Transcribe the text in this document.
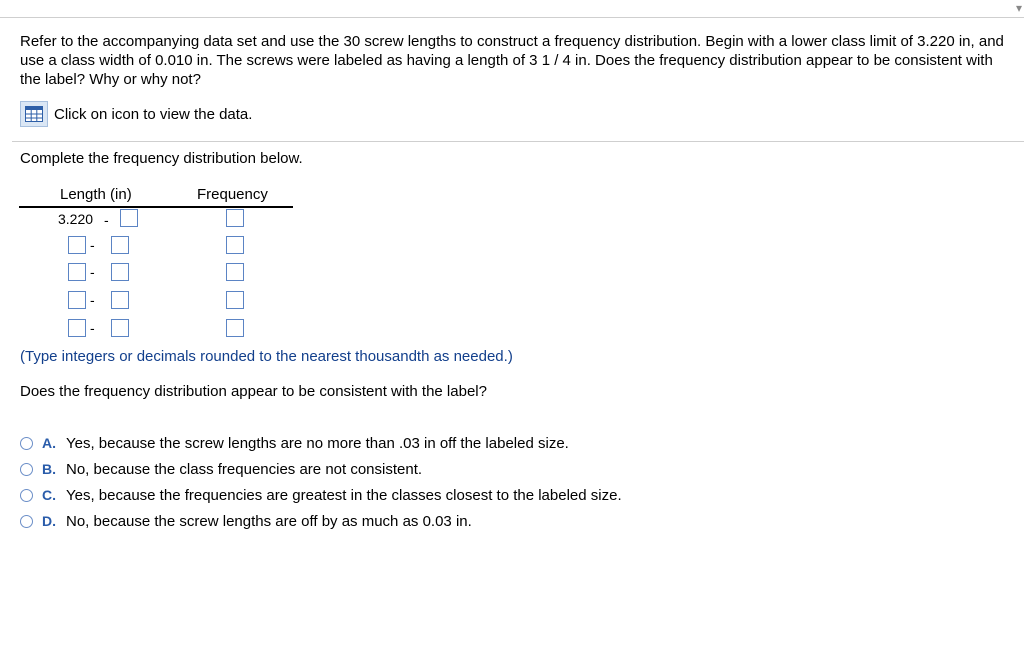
▾
Refer to the accompanying data set and use the 30 screw lengths to construct a frequency distribution. Begin with a lower class limit of 3.220 in, and use a class width of 0.010 in. The screws were labeled as having a length of 3 1 / 4 in. Does the frequency distribution appear to be consistent with the label? Why or why not?
Click on icon to view the data.
Complete the frequency distribution below.
Length (in)	Frequency
3.220 -
-
-
-
-
(Type integers or decimals rounded to the nearest thousandth as needed.)
Does the frequency distribution appear to be consistent with the label?
A. Yes, because the screw lengths are no more than .03 in off the labeled size.
B. No, because the class frequencies are not consistent.
C. Yes, because the frequencies are greatest in the classes closest to the labeled size.
D. No, because the screw lengths are off by as much as 0.03 in.
